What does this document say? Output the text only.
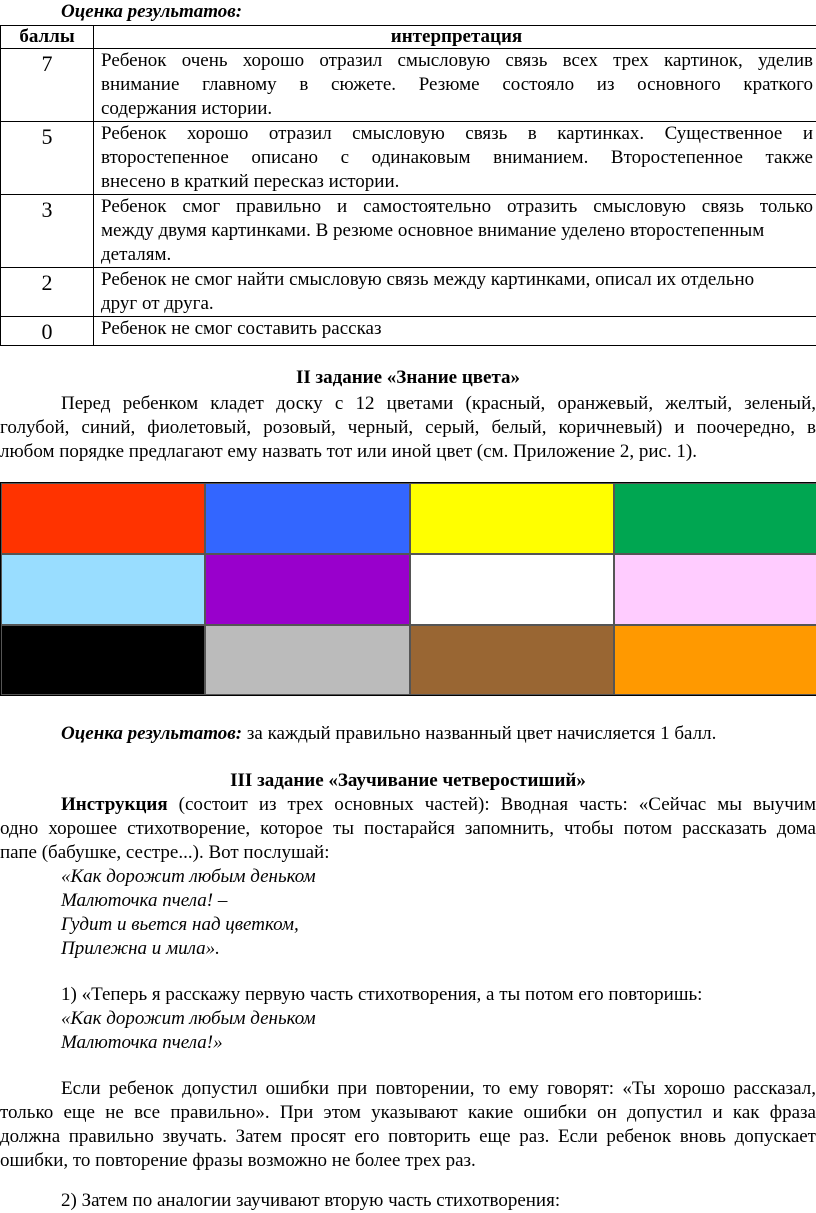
Оценка результатов:
баллы	интерпретация
7	Ребенок очень хорошо отразил смысловую связь всех трех картинок, уделив
внимание главному в сюжете. Резюме состояло из основного краткого
содержания истории.

5	Ребенок хорошо отразил смысловую связь в картинках. Существенное и
второстепенное описано с одинаковым вниманием. Второстепенное также
внесено в краткий пересказ истории.

3	Ребенок смог правильно и самостоятельно отразить смысловую связь только
между двумя картинками. В резюме основное внимание уделено второстепенным
деталям.

2	Ребенок не смог найти смысловую связь между картинками, описал их отдельно
друг от друга.

0	Ребенок не смог составить рассказ
II задание «Знание цвета»
Перед ребенком кладет доску с 12 цветами (красный, оранжевый, желтый, зеленый,
голубой, синий, фиолетовый, розовый, черный, серый, белый, коричневый) и поочередно, в
любом порядке предлагают ему назвать тот или иной цвет (см. Приложение 2, рис. 1).
Оценка результатов: за каждый правильно названный цвет начисляется 1 балл.
III задание «Заучивание четверостиший»
Инструкция (состоит из трех основных частей): Вводная часть: «Сейчас мы выучим
одно хорошее стихотворение, которое ты постарайся запомнить, чтобы потом рассказать дома
папе (бабушке, сестре...). Вот послушай:
«Как дорожит любым деньком
Малюточка пчела! –
Гудит и вьется над цветком,
Прилежна и мила».
1) «Теперь я расскажу первую часть стихотворения, а ты потом его повторишь:
«Как дорожит любым деньком
Малюточка пчела!»
Если ребенок допустил ошибки при повторении, то ему говорят: «Ты хорошо рассказал,
только еще не все правильно». При этом указывают какие ошибки он допустил и как фраза
должна правильно звучать. Затем просят его повторить еще раз. Если ребенок вновь допускает
ошибки, то повторение фразы возможно не более трех раз.
2) Затем по аналогии заучивают вторую часть стихотворения:
